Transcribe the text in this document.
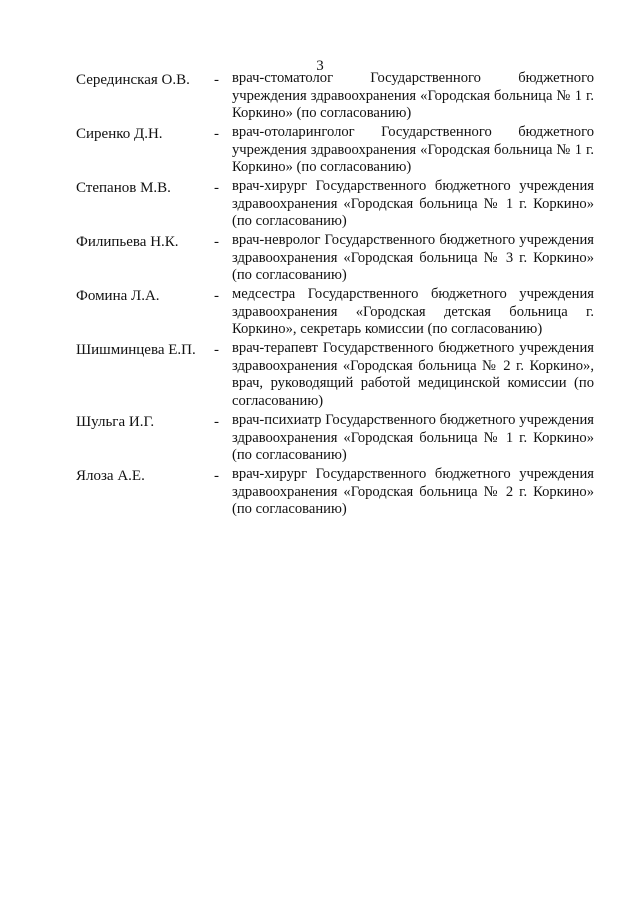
3
Серединская О.В.	- врач-стоматолог Государственного бюджетного учреждения здравоохранения «Городская больница № 1 г. Коркино» (по согласованию)
Сиренко Д.Н.	- врач-отоларинголог Государственного бюджетного учреждения здравоохранения «Городская больница № 1 г. Коркино» (по согласованию)
Степанов М.В.	- врач-хирург Государственного бюджетного учреждения здравоохранения «Городская больница № 1 г. Коркино» (по согласованию)
Филипьева Н.К.	- врач-невролог Государственного бюджетного учреждения здравоохранения «Городская больница № 3 г. Коркино» (по согласованию)
Фомина Л.А.	- медсестра Государственного бюджетного учреждения здравоохранения «Городская детская больница г. Коркино», секретарь комиссии (по согласованию)
Шишминцева Е.П.	- врач-терапевт Государственного бюджетного учреждения здравоохранения «Городская больница № 2 г. Коркино», врач, руководящий работой медицинской комиссии (по согласованию)
Шульга И.Г.	- врач-психиатр Государственного бюджетного учреждения здравоохранения «Городская больница № 1 г. Коркино» (по согласованию)
Ялоза А.Е.	- врач-хирург Государственного бюджетного учреждения здравоохранения «Городская больница № 2 г. Коркино» (по согласованию)
